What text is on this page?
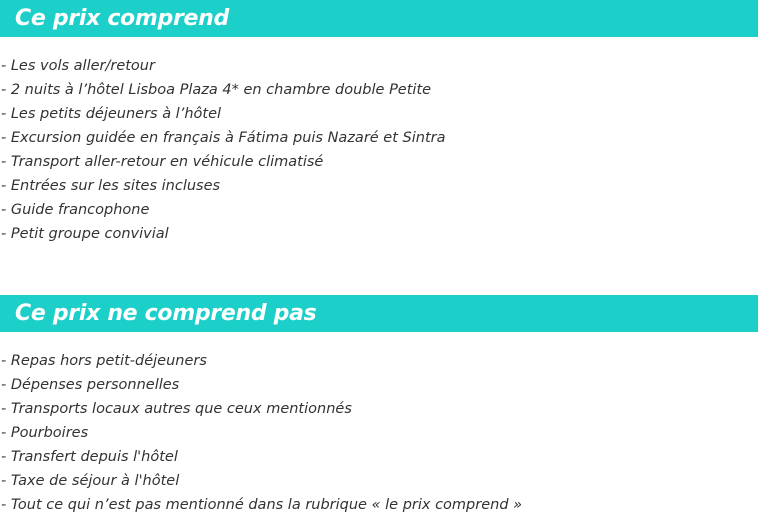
Ce prix comprend
- Les vols aller/retour
- 2 nuits à l’hôtel Lisboa Plaza 4* en chambre double Petite
- Les petits déjeuners à l’hôtel
- Excursion guidée en français à Fátima puis Nazaré et Sintra
- Transport aller-retour en véhicule climatisé
- Entrées sur les sites incluses
- Guide francophone
- Petit groupe convivial
Ce prix ne comprend pas
- Repas hors petit-déjeuners
- Dépenses personnelles
- Transports locaux autres que ceux mentionnés
- Pourboires
- Transfert depuis l'hôtel
- Taxe de séjour à l'hôtel
- Tout ce qui n’est pas mentionné dans la rubrique « le prix comprend »
